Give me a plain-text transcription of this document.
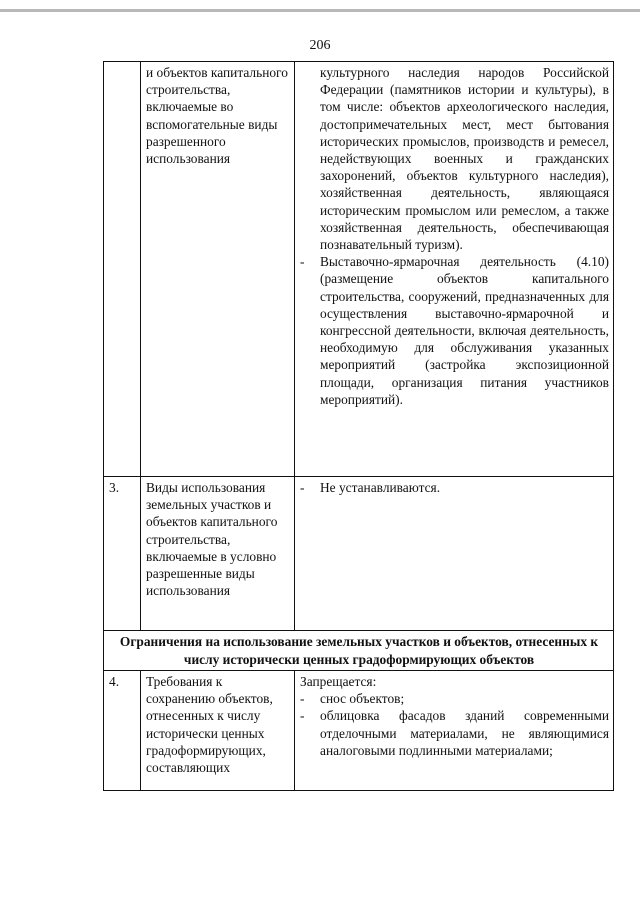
206

	и объектов капитального строительства, включаемые во вспомогательные виды разрешенного использования	культурного наследия народов Российской Федерации (памятников истории и культуры), в том числе: объектов археологического наследия, достопримечательных мест, мест бытования исторических промыслов, производств и ремесел, недействующих военных и гражданских захоронений, объектов культурного наследия), хозяйственная деятельность, являющаяся историческим промыслом или ремеслом, а также хозяйственная деятельность, обеспечивающая познавательный туризм).
- Выставочно-ярмарочная деятельность (4.10) (размещение объектов капитального строительства, сооружений, предназначенных для осуществления выставочно-ярмарочной и конгрессной деятельности, включая деятельность, необходимую для обслуживания указанных мероприятий (застройка экспозиционной площади, организация питания участников мероприятий).

3.	Виды использования земельных участков и объектов капитального строительства, включаемые в условно разрешенные виды использования	- Не устанавливаются.

Ограничения на использование земельных участков и объектов, отнесенных к числу исторически ценных градоформирующих объектов		
4.	Требования к сохранению объектов, отнесенных к числу исторически ценных градоформирующих, составляющих	Запрещается:
- снос объектов;
- облицовка фасадов зданий современными отделочными материалами, не являющимися аналоговыми подлинными материалами;
